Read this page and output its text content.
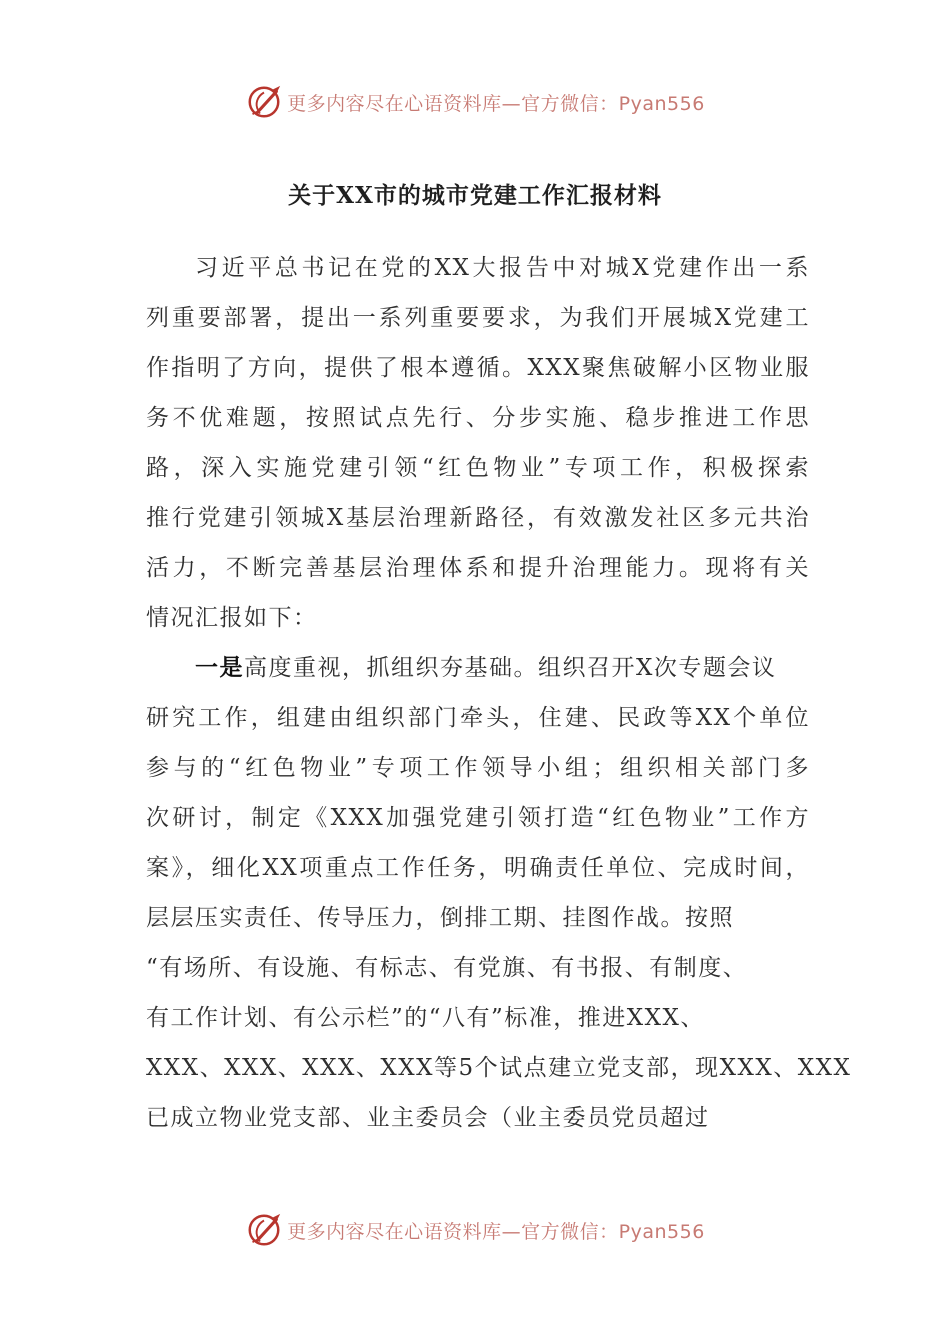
更多内容尽在心语资料库—官方微信：Pyan556
关于XX市的城市党建工作汇报材料
习近平总书记在党的XX大报告中对城X党建作出一系
列重要部署，提出一系列重要要求，为我们开展城X党建工
作指明了方向，提供了根本遵循。XXX聚焦破解小区物业服
务不优难题，按照试点先行、分步实施、稳步推进工作思
路，深入实施党建引领“红色物业”专项工作，积极探索
推行党建引领城X基层治理新路径，有效激发社区多元共治
活力，不断完善基层治理体系和提升治理能力。现将有关
情况汇报如下：
一是高度重视，抓组织夯基础。组织召开X次专题会议
研究工作，组建由组织部门牵头，住建、民政等XX个单位
参与的“红色物业”专项工作领导小组；组织相关部门多
次研讨，制定《XXX加强党建引领打造“红色物业”工作方
案》，细化XX项重点工作任务，明确责任单位、完成时间，
层层压实责任、传导压力，倒排工期、挂图作战。按照
“有场所、有设施、有标志、有党旗、有书报、有制度、
有工作计划、有公示栏”的“八有”标准，推进XXX、
XXX、XXX、XXX、XXX等5个试点建立党支部，现XXX、XXX
已成立物业党支部、业主委员会（业主委员党员超过
更多内容尽在心语资料库—官方微信：Pyan556
